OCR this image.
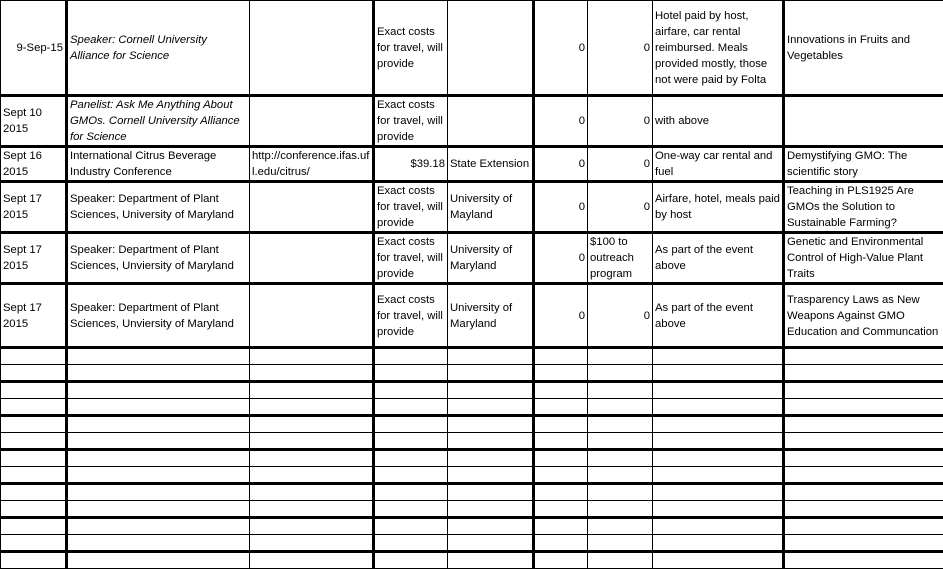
9-Sep-15	Speaker: Cornell University Alliance for Science		Exact costs for travel, will provide		0	0	Hotel paid by host, airfare, car rental reimbursed. Meals provided mostly, those not were paid by Folta	Innovations in Fruits and Vegetables
Sept 10 2015	Panelist: Ask Me Anything About GMOs. Cornell University Alliance for Science		Exact costs for travel, will provide		0	0	with above	
Sept 16 2015	International Citrus Beverage Industry Conference	http://conference.ifas.ufl.edu/citrus/	$39.18	State Extension	0	0	One-way car rental and fuel	Demystifying GMO: The scientific story
Sept 17 2015	Speaker: Department of Plant Sciences, University of Maryland		Exact costs for travel, will provide	University of Mayland	0	0	Airfare, hotel, meals paid by host	Teaching in PLS1925 Are GMOs the Solution to Sustainable Farming?
Sept 17 2015	Speaker: Department of Plant Sciences, Unviersity of Maryland		Exact costs for travel, will provide	University of Maryland	0	$100 to outreach program	As part of the event above	Genetic and Environmental Control of High-Value Plant Traits
Sept 17 2015	Speaker: Department of Plant Sciences, Unviersity of Maryland		Exact costs for travel, will provide	University of Maryland	0	0	As part of the event above	Trasparency Laws as New Weapons Against GMO Education and Communcation
